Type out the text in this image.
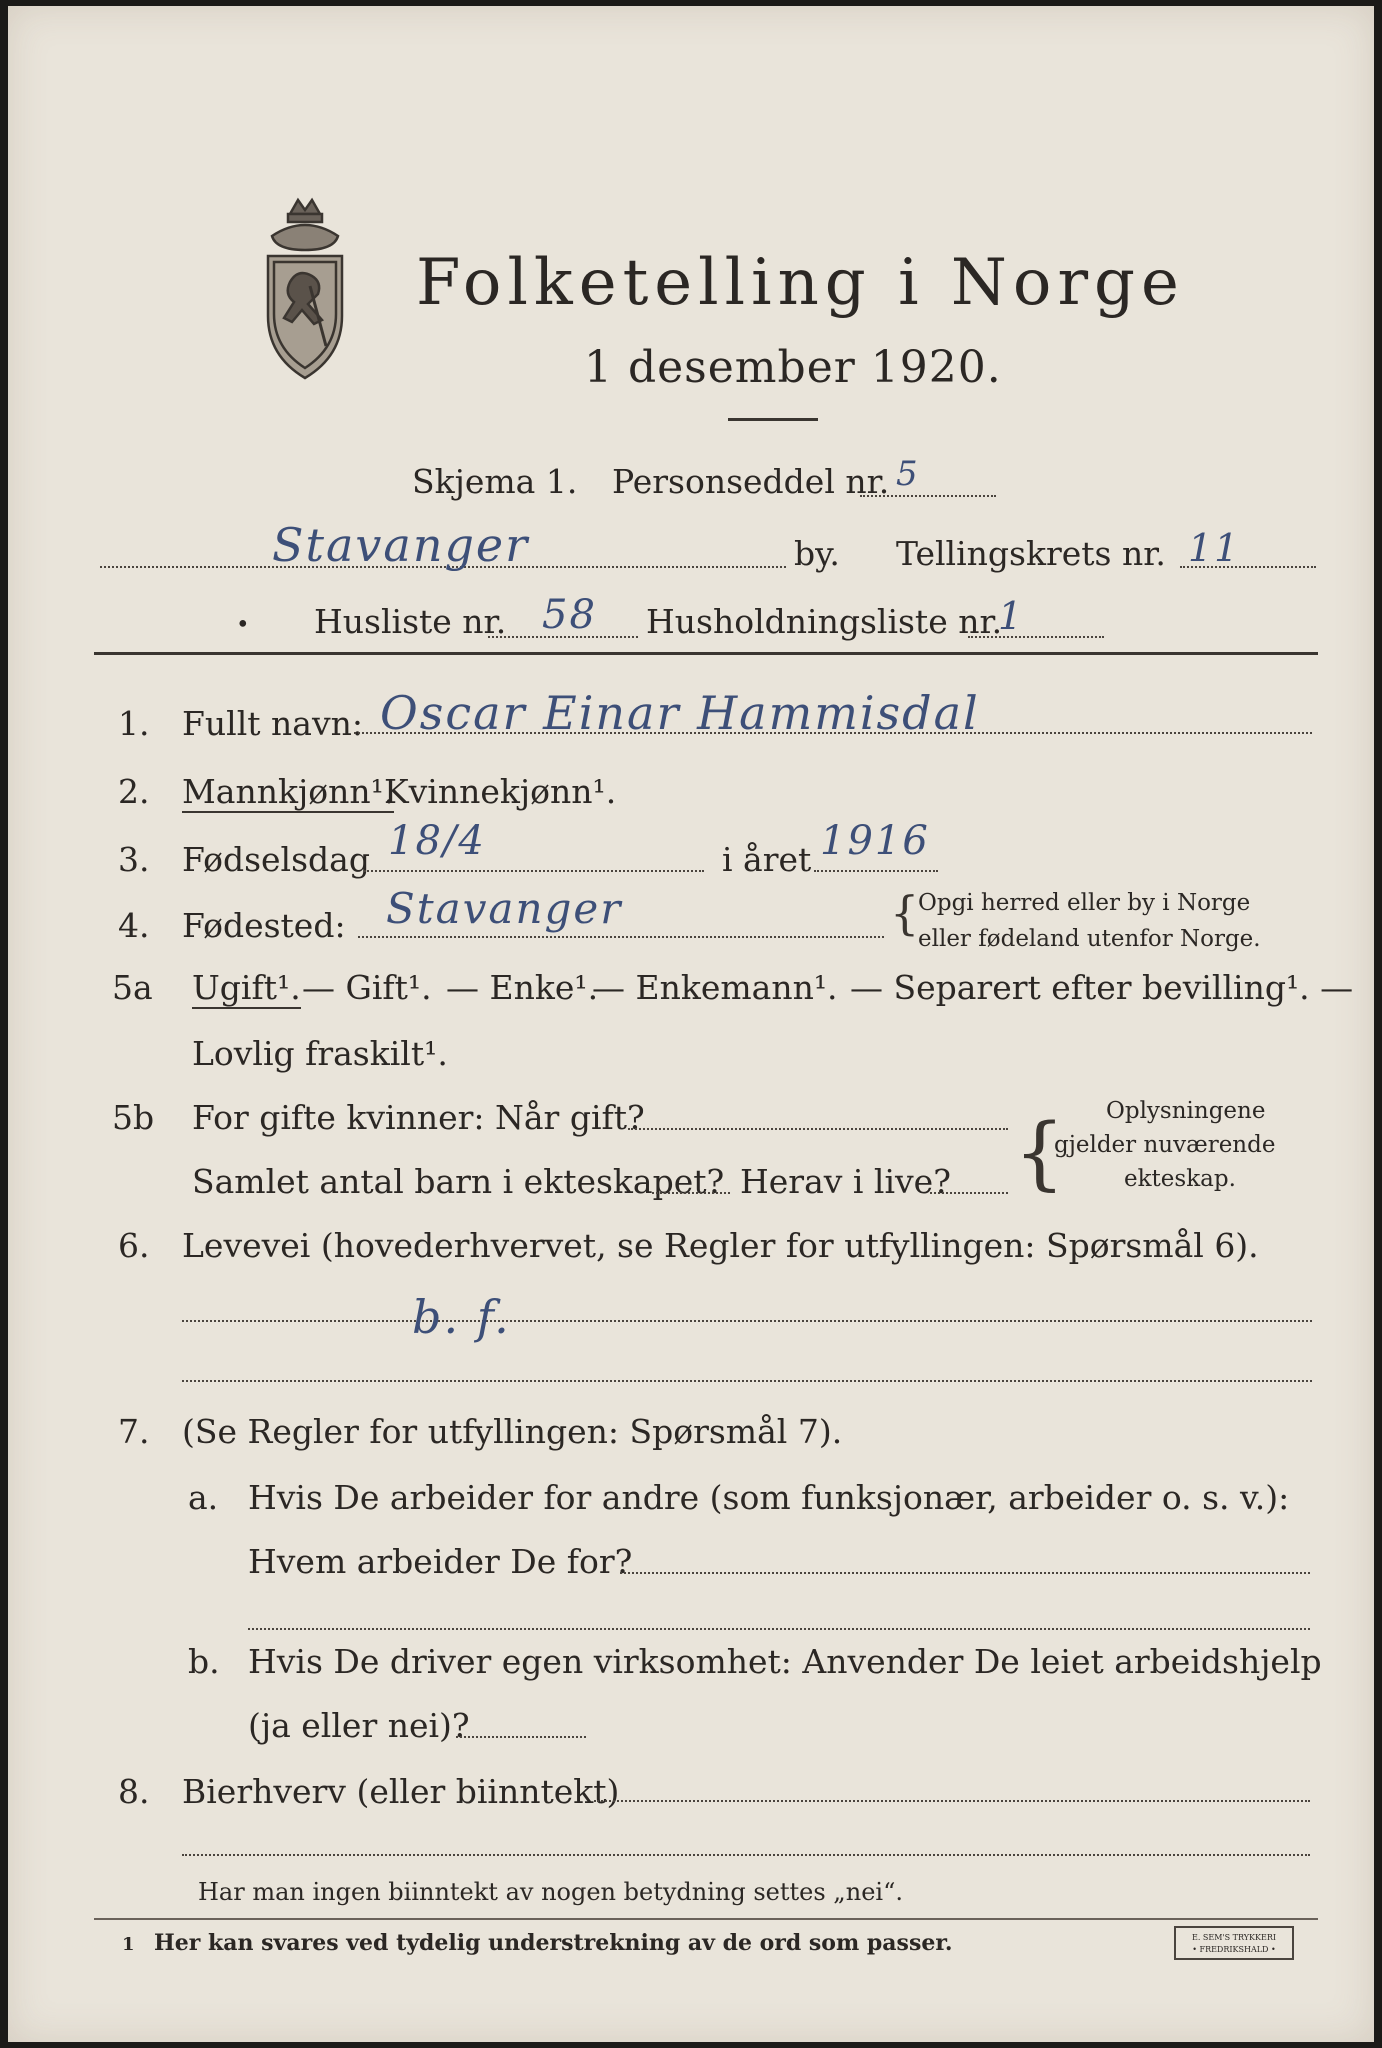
Folketelling i Norge
1 desember 1920.
Skjema 1. Personseddel nr. 5
Stavanger	by. Tellingskrets nr. 11
• Husliste nr. 58 Husholdningsliste nr.
1
1. Fullt navn: Oscar Einar Hammisdal
2. Mannkjønn¹.
Kvinnekjønn¹.
3. Fødselsdag 18/4	i året 1916
4. Fødested: Stavanger	{
Opgi herred eller by i Norge
eller fødeland utenfor Norge.
5a Ugift¹. — Gift¹. — Enke¹.
— Enkemann¹. — Separert efter bevilling¹. —
Lovlig fraskilt¹.
5b For gifte kvinner: Når gift?
Samlet antal barn i ekteskapet? Herav i live? { Oplysningene
gjelder nuværende
ekteskap.
6. Levevei (hovederhvervet, se Regler for utfyllingen: Spørsmål 6).
b. f.
7. (Se Regler for utfyllingen: Spørsmål 7).
a. Hvis De arbeider for andre (som funksjonær, arbeider o. s. v.):
Hvem arbeider De for?
b. Hvis De driver egen virksomhet: Anvender De leiet arbeidshjelp
(ja eller nei)?
8. Bierhverv (eller biinntekt)
Har man ingen biinntekt av nogen betydning settes „nei“.
1 Her kan svares ved tydelig understrekning av de ord som passer.	E. SEM'S TRYKKERI
• FREDRIKSHALD •
